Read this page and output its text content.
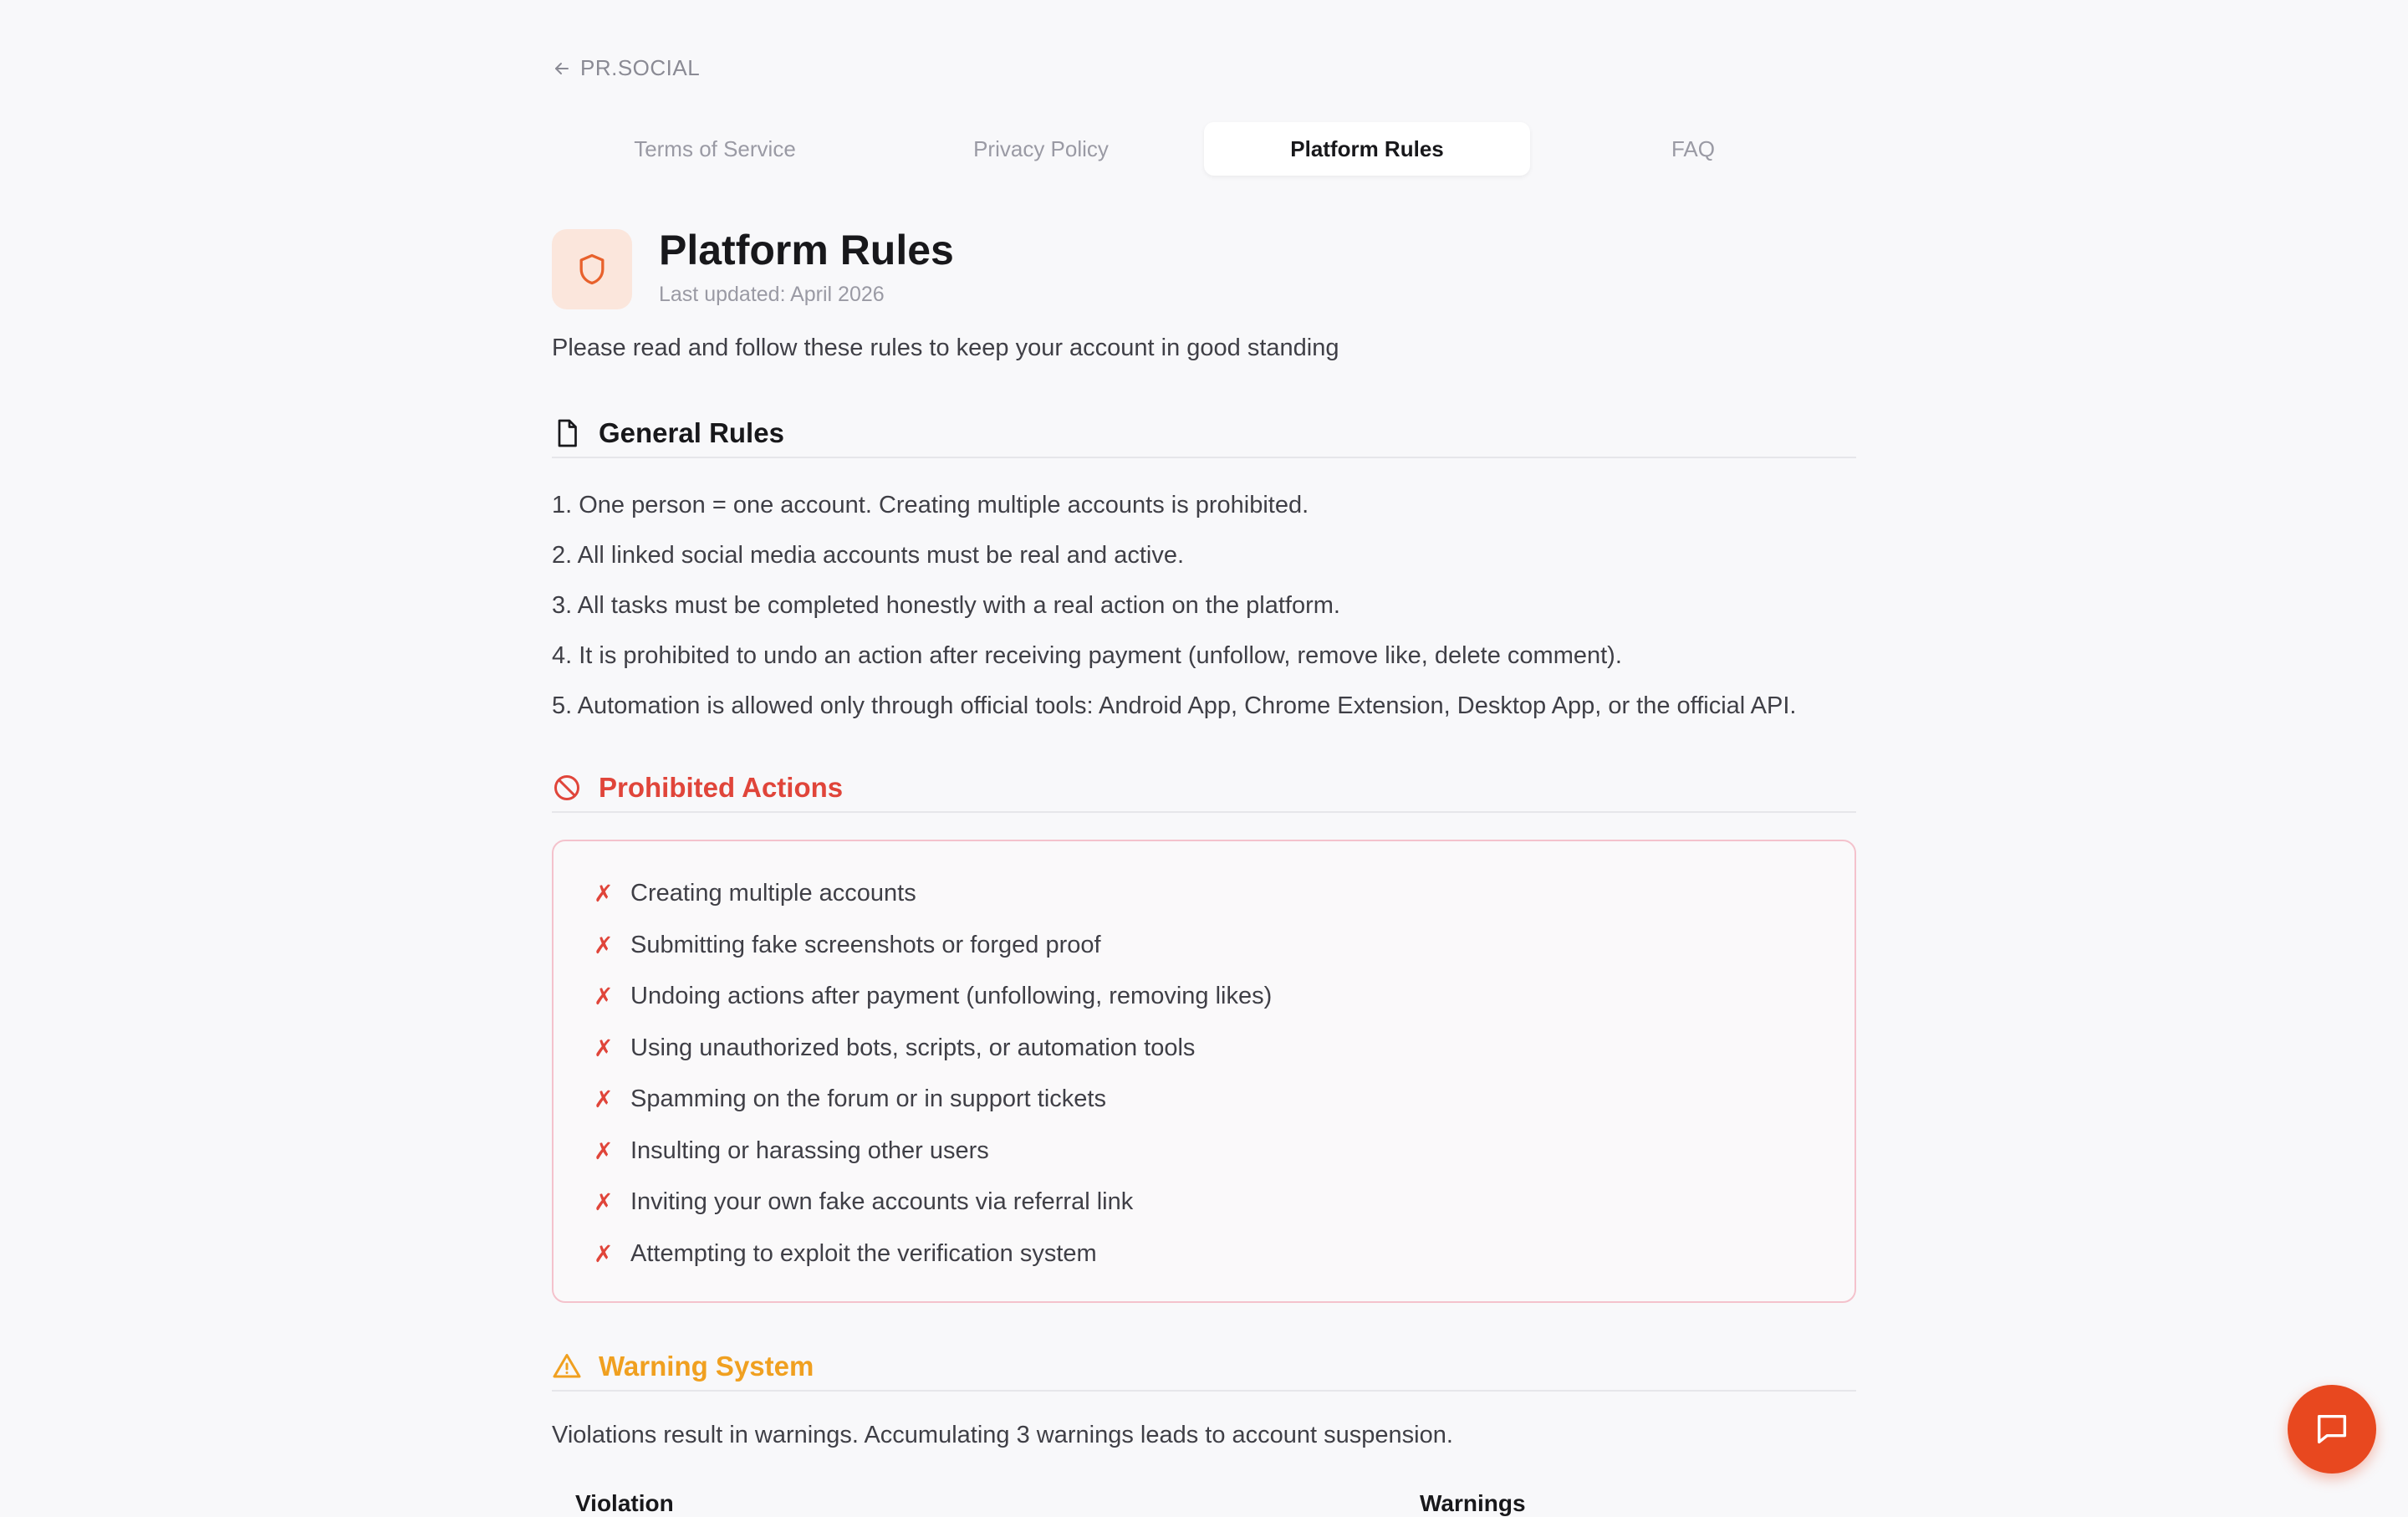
PR.SOCIAL
Terms of Service	Privacy Policy	Platform Rules	FAQ
Platform Rules
Last updated: April 2026
Please read and follow these rules to keep your account in good standing
General Rules
1. One person = one account. Creating multiple accounts is prohibited.
2. All linked social media accounts must be real and active.
3. All tasks must be completed honestly with a real action on the platform.
4. It is prohibited to undo an action after receiving payment (unfollow, remove like, delete comment).
5. Automation is allowed only through official tools: Android App, Chrome Extension, Desktop App, or the official API.
Prohibited Actions
✗ Creating multiple accounts
✗ Submitting fake screenshots or forged proof
✗ Undoing actions after payment (unfollowing, removing likes)
✗ Using unauthorized bots, scripts, or automation tools
✗ Spamming on the forum or in support tickets
✗ Insulting or harassing other users
✗ Inviting your own fake accounts via referral link
✗ Attempting to exploit the verification system
Warning System
Violations result in warnings. Accumulating 3 warnings leads to account suspension.
Violation	Warnings
